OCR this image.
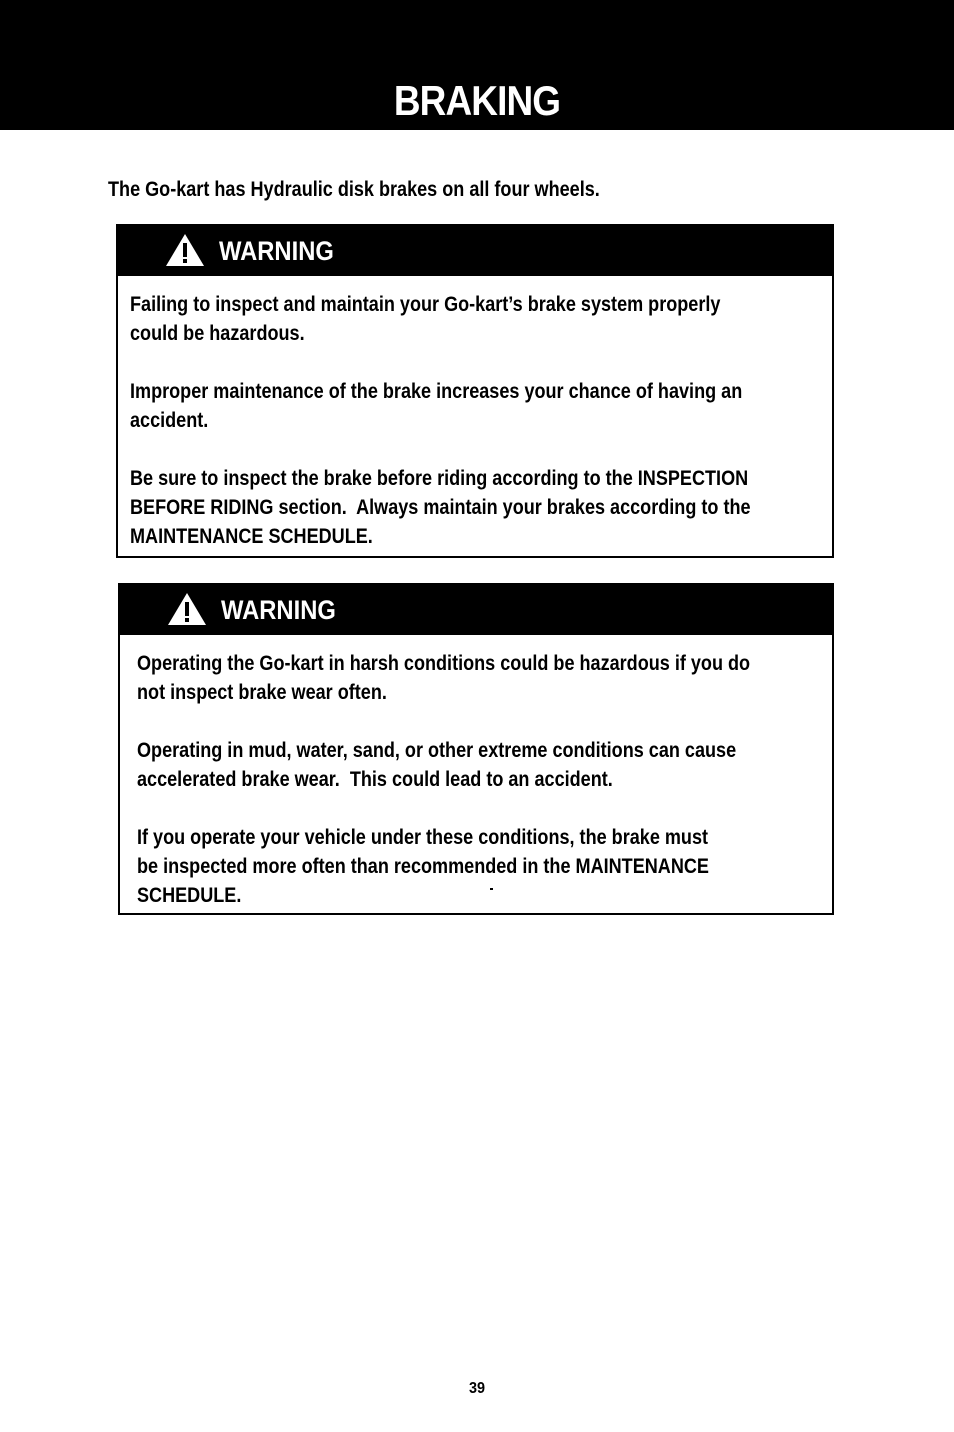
BRAKING
The Go-kart has Hydraulic disk brakes on all four wheels.
WARNING

Failing to inspect and maintain your Go-kart’s brake system properly
could be hazardous.

Improper maintenance of the brake increases your chance of having an
accident.

Be sure to inspect the brake before riding according to the INSPECTION
BEFORE RIDING section.  Always maintain your brakes according to the
MAINTENANCE SCHEDULE.

WARNING

Operating the Go-kart in harsh conditions could be hazardous if you do
not inspect brake wear often.

Operating in mud, water, sand, or other extreme conditions can cause
accelerated brake wear.  This could lead to an accident.

If you operate your vehicle under these conditions, the brake must
be inspected more often than recommended in the MAINTENANCE
SCHEDULE.

39
